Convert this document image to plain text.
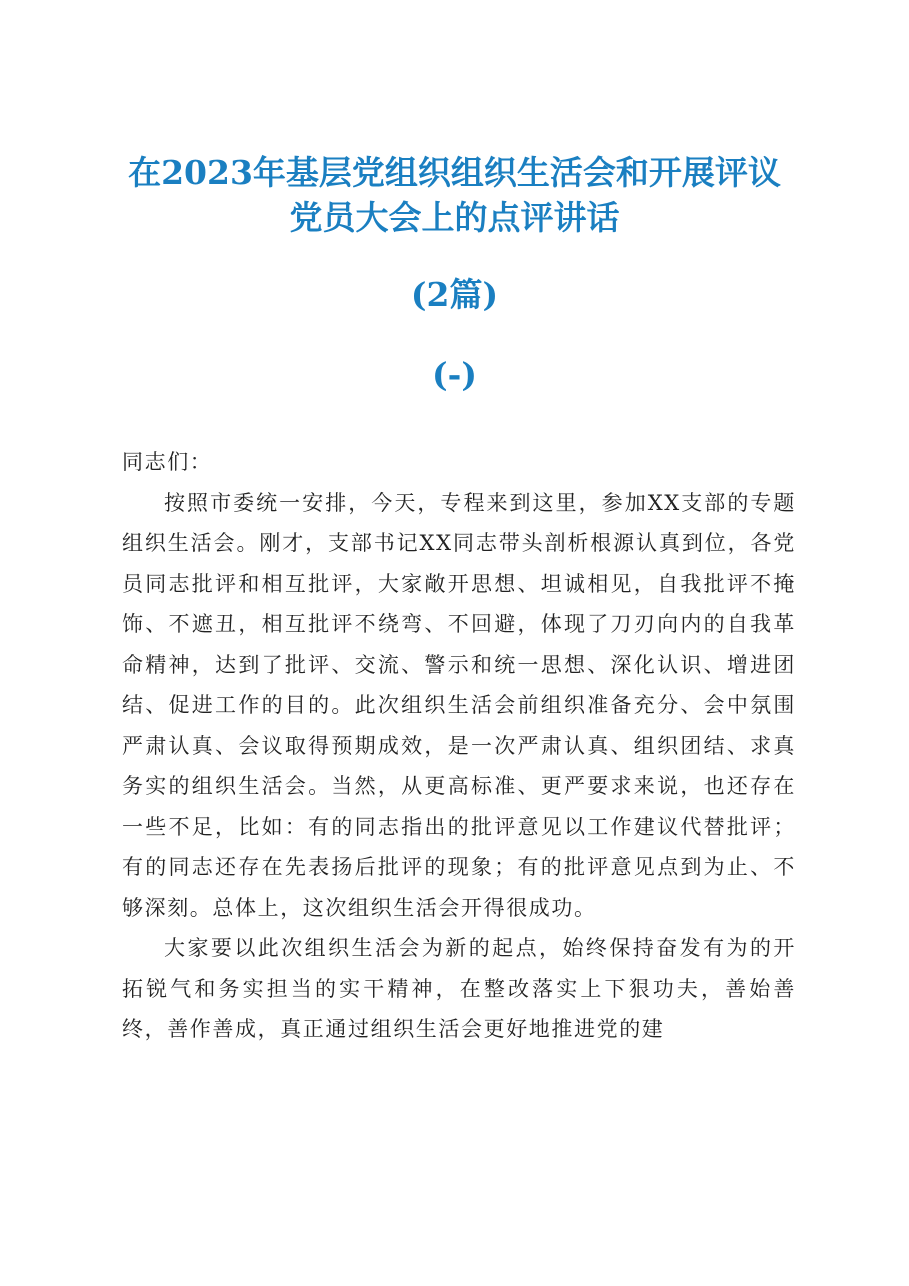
在2023年基层党组织组织生活会和开展评议
党员大会上的点评讲话
(2篇)
(-)

同志们：

按照市委统一安排，今天，专程来到这里，参加XX支部的专题组织生活会。刚才，支部书记XX同志带头剖析根源认真到位，各党员同志批评和相互批评，大家敞开思想、坦诚相见，自我批评不掩饰、不遮丑，相互批评不绕弯、不回避，体现了刀刃向内的自我革命精神，达到了批评、交流、警示和统一思想、深化认识、增进团结、促进工作的目的。此次组织生活会前组织准备充分、会中氛围严肃认真、会议取得预期成效，是一次严肃认真、组织团结、求真务实的组织生活会。当然，从更高标准、更严要求来说，也还存在一些不足，比如：有的同志指出的批评意见以工作建议代替批评；有的同志还存在先表扬后批评的现象；有的批评意见点到为止、不够深刻。总体上，这次组织生活会开得很成功。

大家要以此次组织生活会为新的起点，始终保持奋发有为的开拓锐气和务实担当的实干精神，在整改落实上下狠功夫，善始善终，善作善成，真正通过组织生活会更好地推进党的建
